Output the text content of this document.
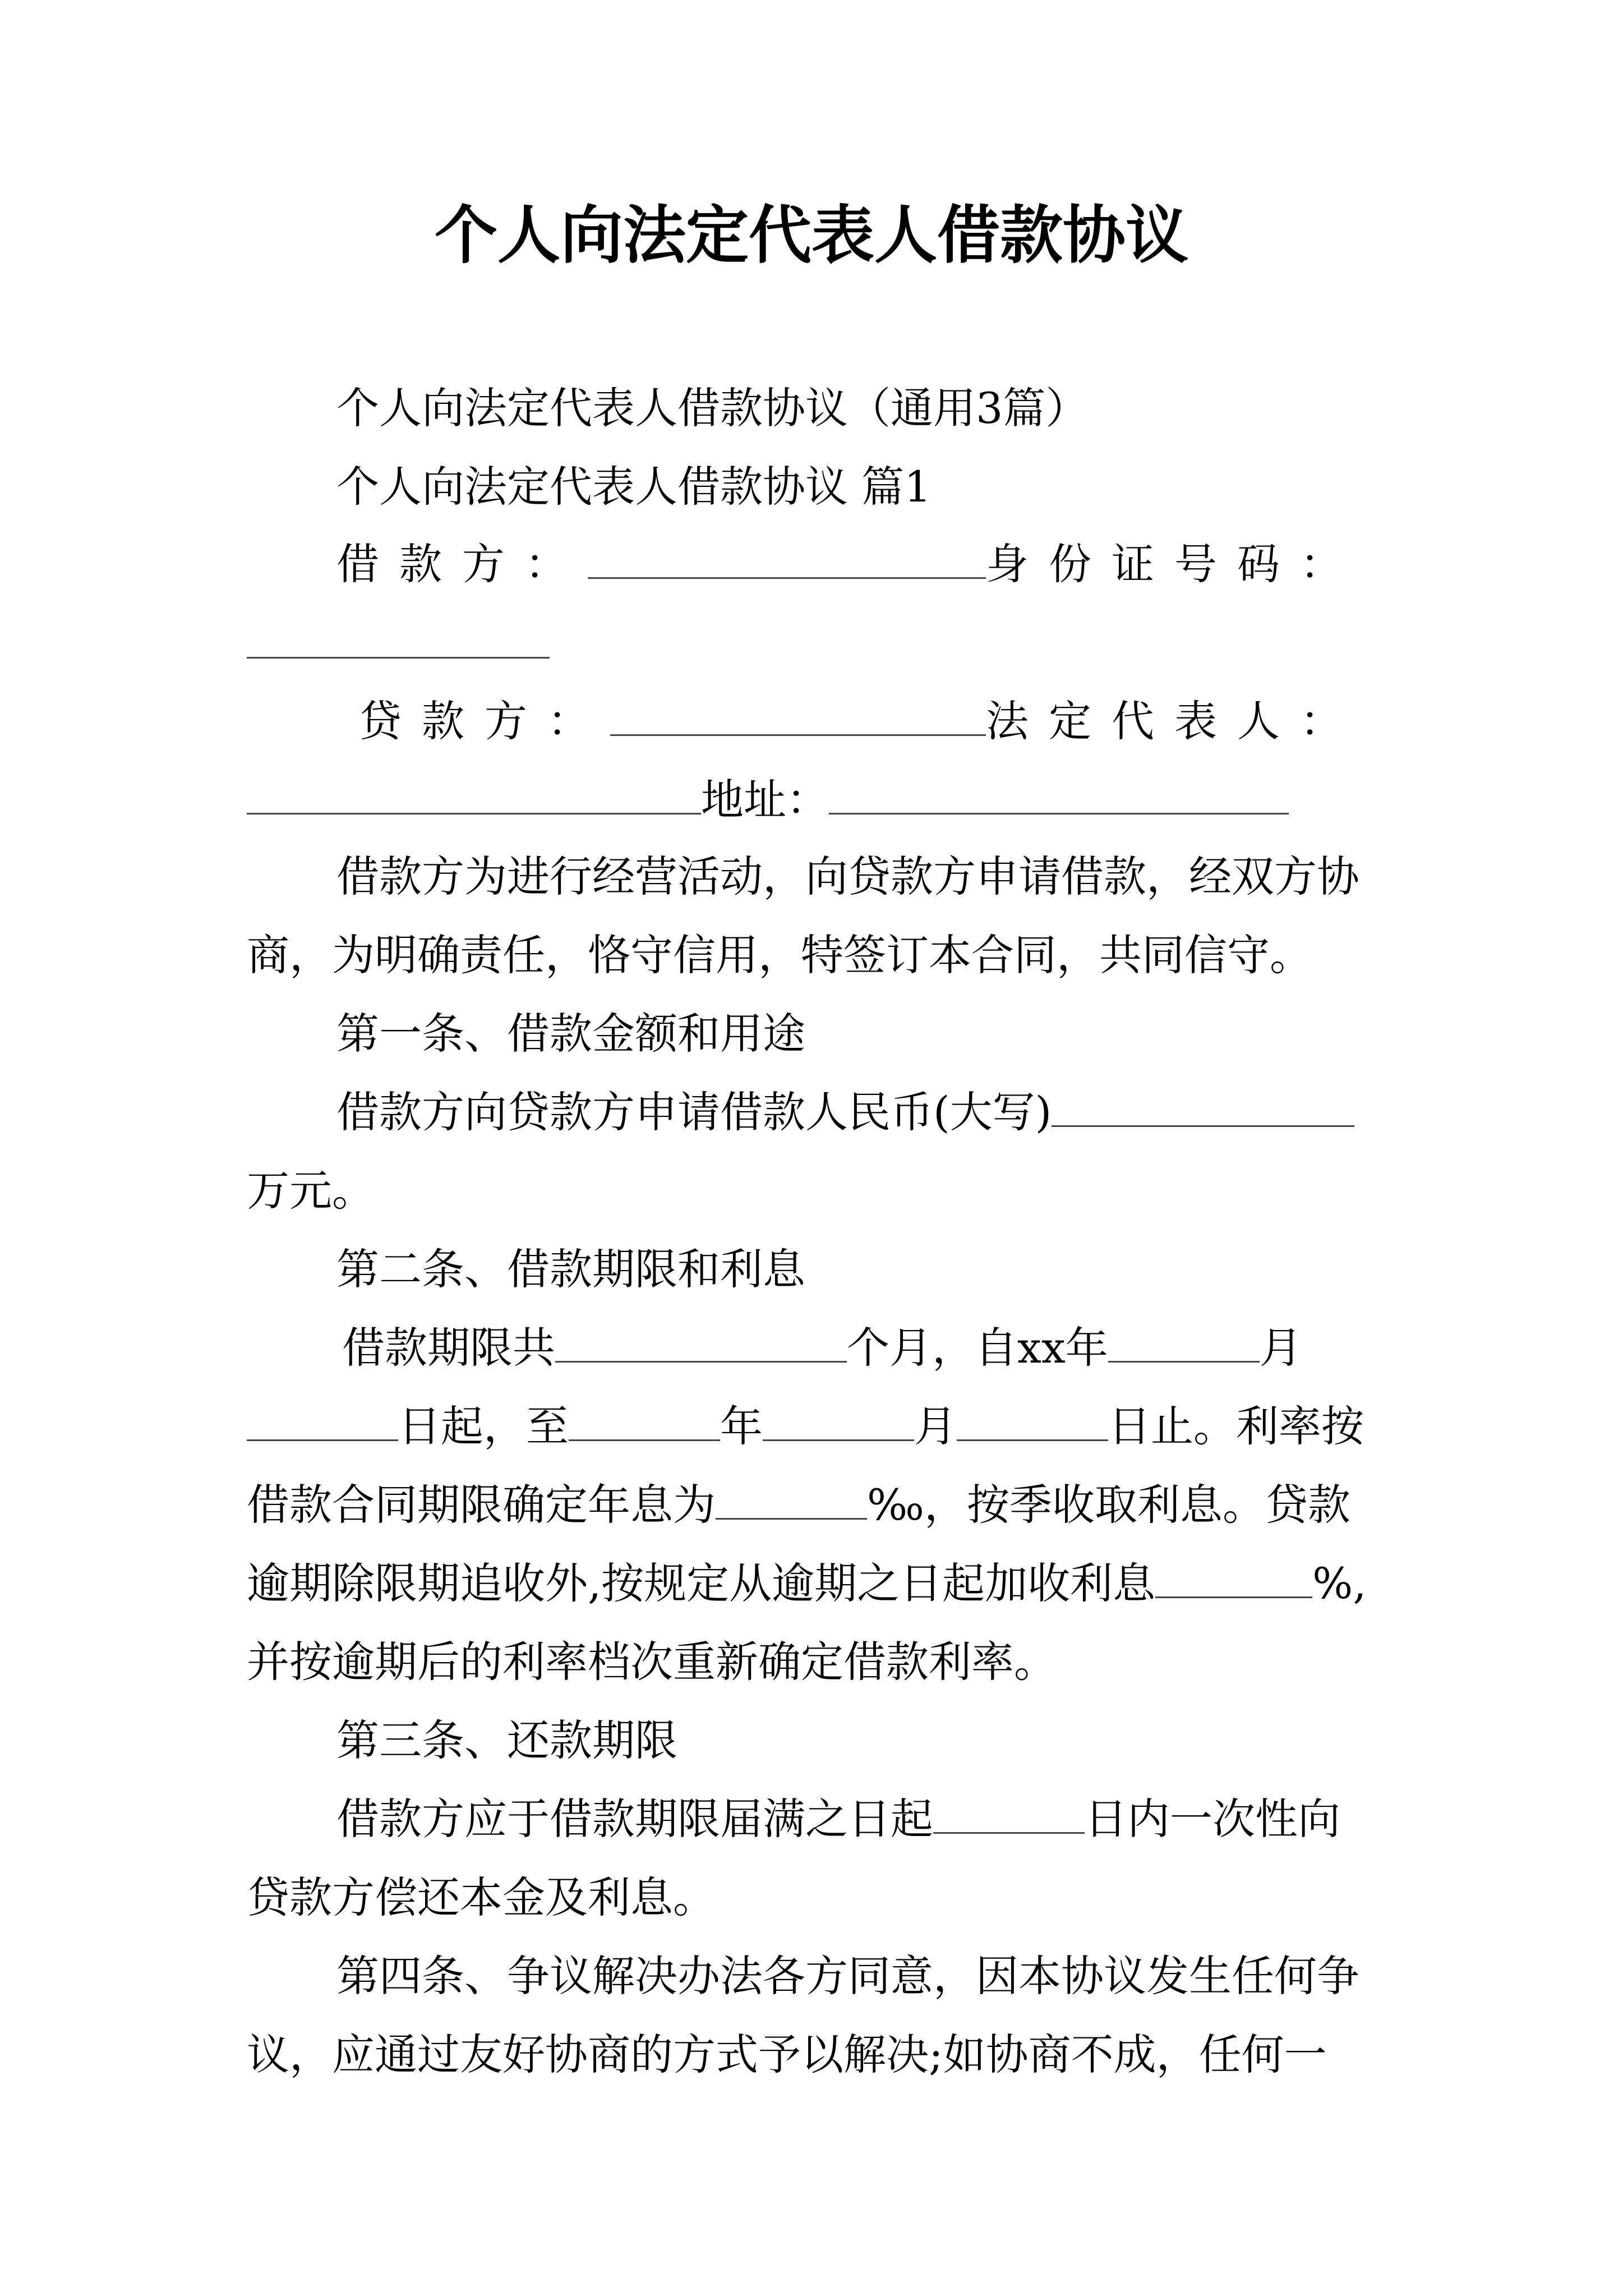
个人向法定代表人借款协议
个人向法定代表人借款协议（通用3篇）
个人向法定代表人借款协议 篇1
借款方：	身份证号码：
贷款方：	法定代表人：
地址：
借款方为进行经营活动，向贷款方申请借款，经双方协
商，为明确责任，恪守信用，特签订本合同，共同信守。
第一条、借款金额和用途
借款方向贷款方申请借款人民币(大写)
万元。
第二条、借款期限和利息
借款期限共	个月，自xx年	月
日起，至	年	月	日止。利率按
借款合同期限确定年息为	‰，按季收取利息。贷款
逾期除限期追收外,按规定从逾期之日起加收利息	%,
并按逾期后的利率档次重新确定借款利率。
第三条、还款期限
借款方应于借款期限届满之日起	日内一次性向
贷款方偿还本金及利息。
第四条、争议解决办法各方同意，因本协议发生任何争
议，应通过友好协商的方式予以解决;如协商不成，任何一
